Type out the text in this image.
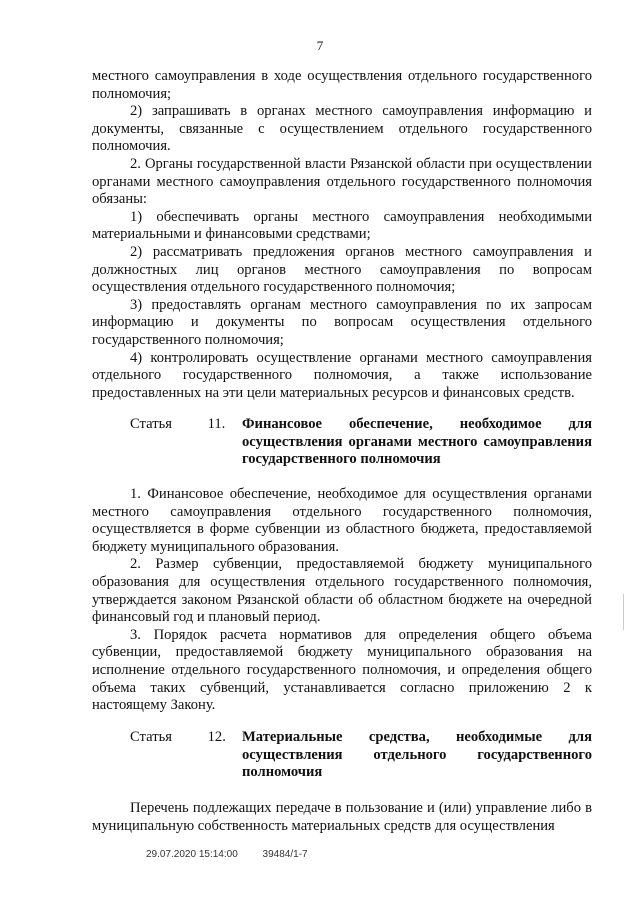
7

местного самоуправления в ходе осуществления отдельного государственного полномочия;

2) запрашивать в органах местного самоуправления информацию и документы, связанные с осуществлением отдельного государственного полномочия.

2. Органы государственной власти Рязанской области при осуществлении органами местного самоуправления отдельного государственного полномочия обязаны:

1) обеспечивать органы местного самоуправления необходимыми материальными и финансовыми средствами;

2) рассматривать предложения органов местного самоуправления и должностных лиц органов местного самоуправления по вопросам осуществления отдельного государственного полномочия;

3) предоставлять органам местного самоуправления по их запросам информацию и документы по вопросам осуществления отдельного государственного полномочия;

4) контролировать осуществление органами местного самоуправления отдельного государственного полномочия, а также использование предоставленных на эти цели материальных ресурсов и финансовых средств.

Статья 11.	Финансовое обеспечение, необходимое для осуществления органами местного самоуправления государственного полномочия

1. Финансовое обеспечение, необходимое для осуществления органами местного самоуправления отдельного государственного полномочия, осуществляется в форме субвенции из областного бюджета, предоставляемой бюджету муниципального образования.

2. Размер субвенции, предоставляемой бюджету муниципального образования для осуществления отдельного государственного полномочия, утверждается законом Рязанской области об областном бюджете на очередной финансовый год и плановый период.

3. Порядок расчета нормативов для определения общего объема субвенции, предоставляемой бюджету муниципального образования на исполнение отдельного государственного полномочия, и определения общего объема таких субвенций, устанавливается согласно приложению 2 к настоящему Закону.

Статья 12.	Материальные средства, необходимые для осуществления отдельного государственного полномочия

Перечень подлежащих передаче в пользование и (или) управление либо в муниципальную собственность материальных средств для осуществления

29.07.2020 15:14:00 39484/1-7
